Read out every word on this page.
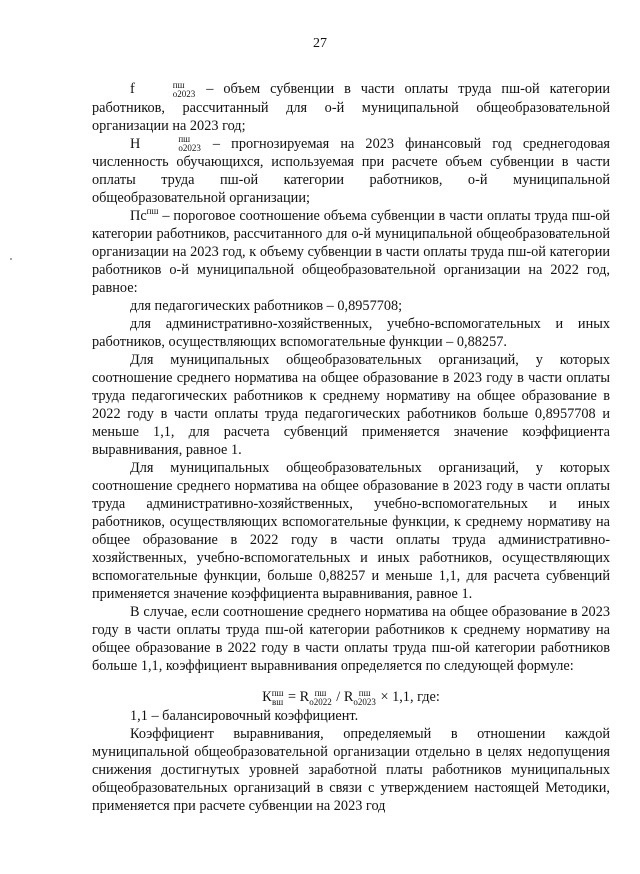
27

f	пш
о2023 – объем субвенции в части оплаты труда пш-ой категории работников, рассчитанный для о-й муниципальной общеобразовательной организации на 2023 год;

Н	пш
о2023 – прогнозируемая на 2023 финансовый год среднегодовая численность обучающихся, используемая при расчете объем субвенции в части оплаты труда пш-ой категории работников, о-й муниципальной общеобразовательной организации;

$Пс^{пш}$ – пороговое соотношение объема субвенции в части оплаты труда пш-ой категории работников, рассчитанного для о-й муниципальной общеобразовательной организации на 2023 год, к объему субвенции в части оплаты труда пш-ой категории работников о-й муниципальной общеобразовательной организации на 2022 год, равное:

для педагогических работников – 0,8957708;

для административно-хозяйственных, учебно-вспомогательных и иных работников, осуществляющих вспомогательные функции – 0,88257.

Для муниципальных общеобразовательных организаций, у которых соотношение среднего норматива на общее образование в 2023 году в части оплаты труда педагогических работников к среднему нормативу на общее образование в 2022 году в части оплаты труда педагогических работников больше 0,8957708 и меньше 1,1, для расчета субвенций применяется значение коэффициента выравнивания, равное 1.

Для муниципальных общеобразовательных организаций, у которых соотношение среднего норматива на общее образование в 2023 году в части оплаты труда административно-хозяйственных, учебно-вспомогательных и иных работников, осуществляющих вспомогательные функции, к среднему нормативу на общее образование в 2022 году в части оплаты труда административно-хозяйственных, учебно-вспомогательных и иных работников, осуществляющих вспомогательные функции, больше 0,88257 и меньше 1,1, для расчета субвенций применяется значение коэффициента выравнивания, равное 1.

В случае, если соотношение среднего норматива на общее образование в 2023 году в части оплаты труда пш-ой категории работников к среднему нормативу на общее образование в 2022 году в части оплаты труда пш-ой категории работников больше 1,1, коэффициент выравнивания определяется по следующей формуле:

К пш
вш = R пш
о2022 / R пш
о2023 × 1,1, где:

1,1 – балансировочный коэффициент.

Коэффициент выравнивания, определяемый в отношении каждой муниципальной общеобразовательной организации отдельно в целях недопущения снижения достигнутых уровней заработной платы работников муниципальных общеобразовательных организаций в связи с утверждением настоящей Методики, применяется при расчете субвенции на 2023 год
